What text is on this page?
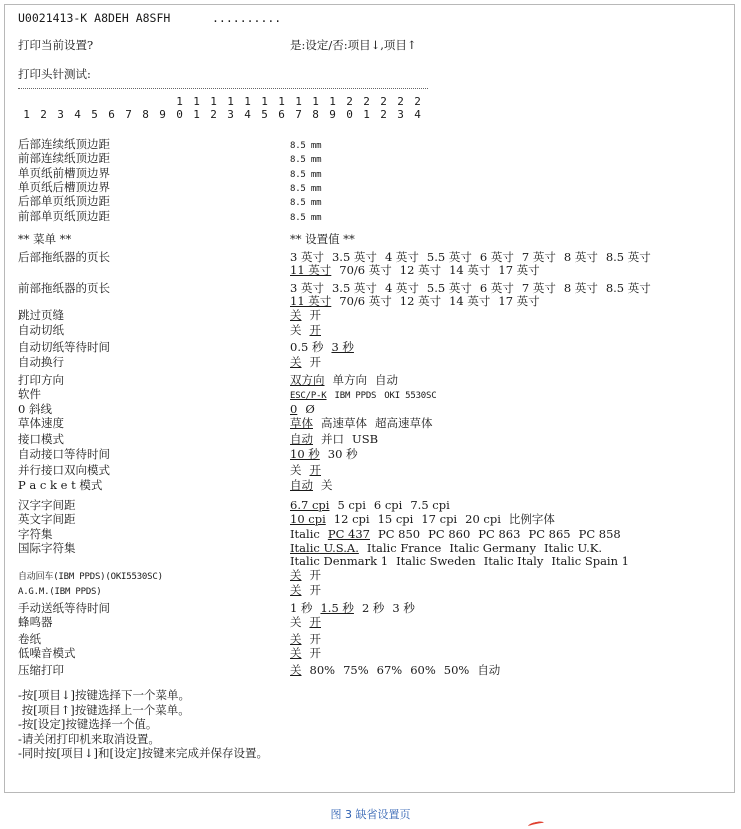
U0021413-K A8DEH A8SFH	..........
打印当前设置?	是:设定/否:项目↓,项目↑
打印头针测试:
1 1 1 1 1 1 1 1 1 1 2 2 2 2 2
1 2 3 4 5 6 7 8 9 0 1 2 3 4 5 6 7 8 9 0 1 2 3 4
后部连续纸顶边距	8.5 mm
前部连续纸顶边距	8.5 mm
单页纸前槽顶边界	8.5 mm
单页纸后槽顶边界	8.5 mm
后部单页纸顶边距	8.5 mm
前部单页纸顶边距	8.5 mm
** 菜单 **	** 设置值 **
后部拖纸器的页长	3 英寸 3.5 英寸 4 英寸 5.5 英寸 6 英寸 7 英寸 8 英寸 8.5 英寸
11 英寸 70/6 英寸 12 英寸 14 英寸 17 英寸
前部拖纸器的页长	3 英寸 3.5 英寸 4 英寸 5.5 英寸 6 英寸 7 英寸 8 英寸 8.5 英寸
11 英寸 70/6 英寸 12 英寸 14 英寸 17 英寸
跳过页缝	关 开
自动切纸	关 开
自动切纸等待时间	0.5 秒 3 秒
自动换行	关 开
打印方向	双方向 单方向 自动
软件	ESC/P-K IBM PPDS OKI 5530SC
0 斜线	0 Ø
草体速度	草体 高速草体 超高速草体
接口模式	自动 并口 USB
自动接口等待时间	10 秒 30 秒
并行接口双向模式	关 开
P a c k e t 模式	自动 关
汉字字间距	6.7 cpi 5 cpi 6 cpi 7.5 cpi
英文字间距	10 cpi 12 cpi 15 cpi 17 cpi 20 cpi 比例字体
字符集	Italic PC 437 PC 850 PC 860 PC 863 PC 865 PC 858
国际字符集	Italic U.S.A. Italic France Italic Germany Italic U.K.
Italic Denmark 1 Italic Sweden Italic Italy Italic Spain 1
自动回车(IBM PPDS)(OKI5530SC)	关 开
A.G.M.(IBM PPDS)	关 开
手动送纸等待时间	1 秒 1.5 秒 2 秒 3 秒
蜂鸣器	关 开
卷纸	关 开
低噪音模式	关 开
压缩打印	关 80% 75% 67% 60% 50% 自动
-按[项目↓]按键选择下一个菜单。
按[项目↑]按键选择上一个菜单。
-按[设定]按键选择一个值。
-请关闭打印机来取消设置。
-同时按[项目↓]和[设定]按键来完成并保存设置。
图 3 缺省设置页
